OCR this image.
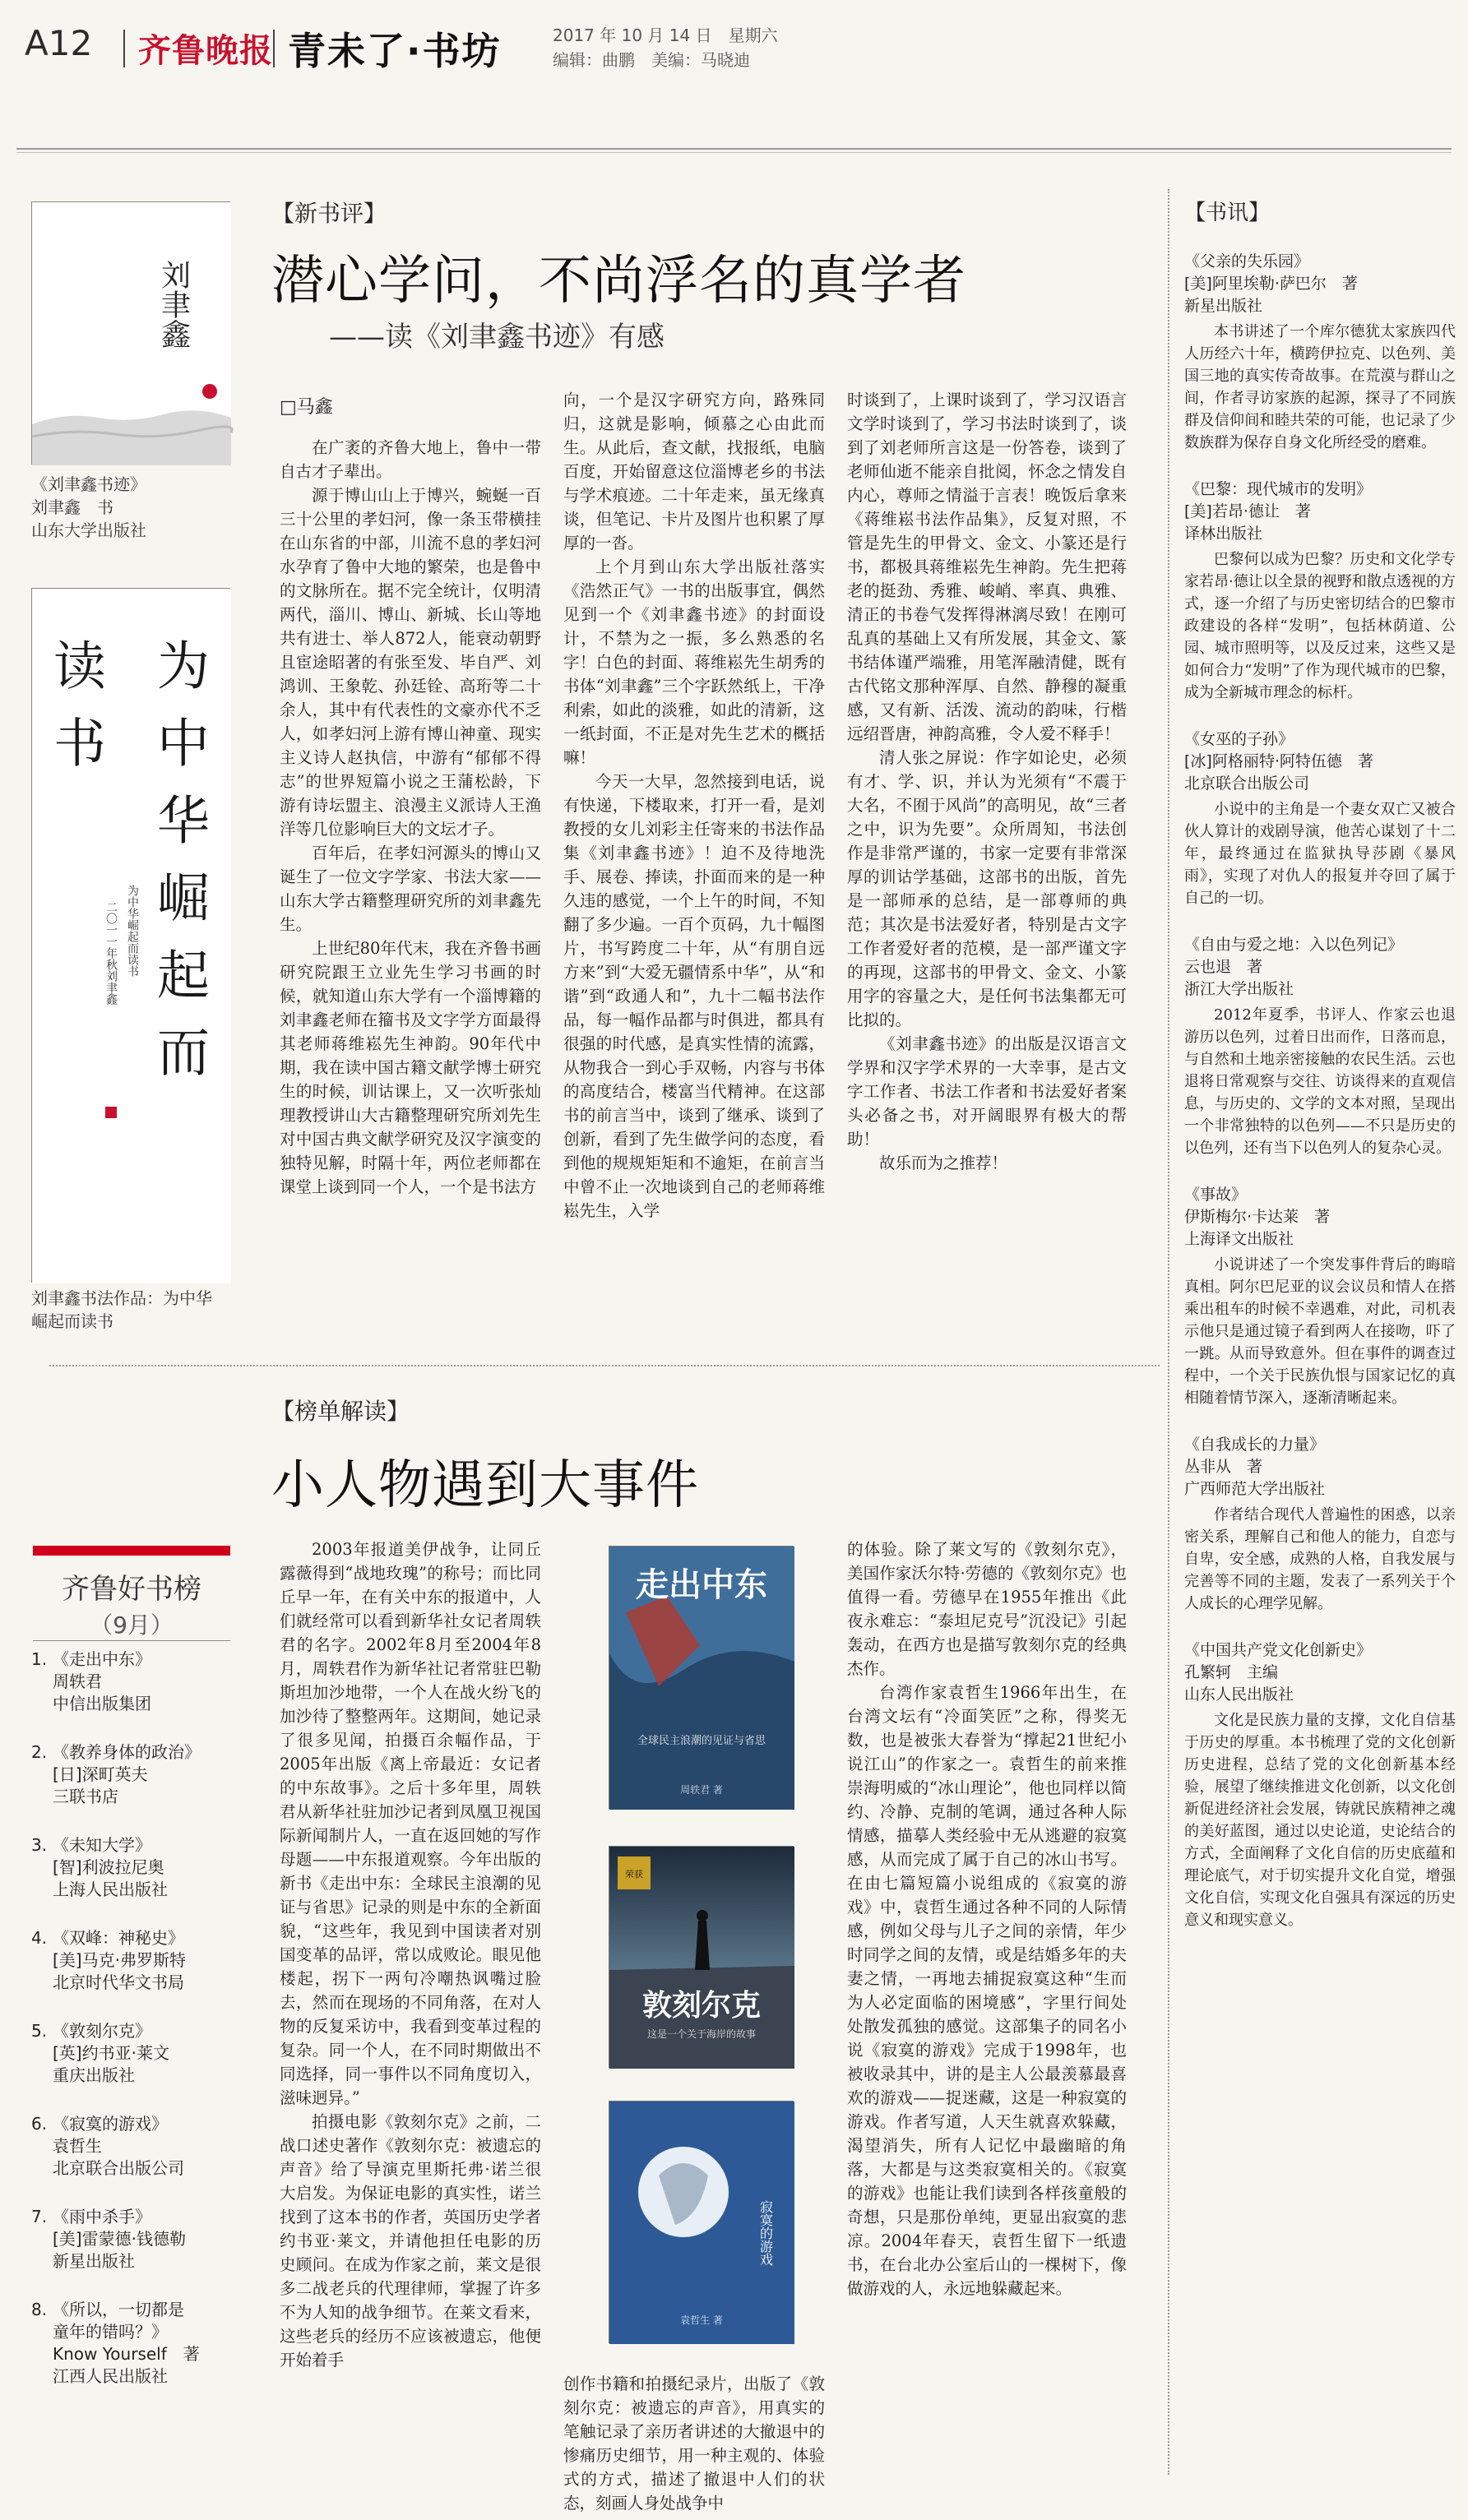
A12 齐鲁晚报 青未了·书坊	2017 年 10 月 14 日　星期六
编辑：曲鹏　美编：马晓迪
刘聿鑫
《刘聿鑫书迹》
刘聿鑫　书
山东大学出版社
为中华崛起而
读书
为中华崛起而读书
二〇一一年秋刘聿鑫
刘聿鑫书法作品：为中华
崛起而读书
【新书评】
潜心学问，不尚浮名的真学者
——读《刘聿鑫书迹》有感
□马鑫

在广袤的齐鲁大地上，鲁中一带自古才子辈出。

源于博山山上于博兴，蜿蜒一百三十公里的孝妇河，像一条玉带横挂在山东省的中部，川流不息的孝妇河水孕育了鲁中大地的繁荣，也是鲁中的文脉所在。据不完全统计，仅明清两代，淄川、博山、新城、长山等地共有进士、举人872人，能衰动朝野且宦途昭著的有张至发、毕自严、刘鸿训、王象乾、孙廷铨、高珩等二十余人，其中有代表性的文豪亦代不乏人，如孝妇河上游有博山神童、现实主义诗人赵执信，中游有“郁郁不得志”的世界短篇小说之王蒲松龄，下游有诗坛盟主、浪漫主义派诗人王渔洋等几位影响巨大的文坛才子。

百年后，在孝妇河源头的博山又诞生了一位文字学家、书法大家——山东大学古籍整理研究所的刘聿鑫先生。

上世纪80年代末，我在齐鲁书画研究院跟王立业先生学习书画的时候，就知道山东大学有一个淄博籍的刘聿鑫老师在籀书及文字学方面最得其老师蒋维崧先生神韵。90年代中期，我在读中国古籍文献学博士研究生的时候，训诂课上，又一次听张灿理教授讲山大古籍整理研究所刘先生对中国古典文献学研究及汉字演变的独特见解，时隔十年，两位老师都在课堂上谈到同一个人，一个是书法方

向，一个是汉字研究方向，路殊同归，这就是影响，倾慕之心由此而生。从此后，查文献，找报纸，电脑百度，开始留意这位淄博老乡的书法与学术痕迹。二十年走来，虽无缘真谈，但笔记、卡片及图片也积累了厚厚的一沓。

上个月到山东大学出版社落实《浩然正气》一书的出版事宜，偶然见到一个《刘聿鑫书迹》的封面设计，不禁为之一振，多么熟悉的名字！白色的封面、蒋维崧先生胡秀的书体“刘聿鑫”三个字跃然纸上，干净利索，如此的淡雅，如此的清新，这一纸封面，不正是对先生艺术的概括嘛！

今天一大早，忽然接到电话，说有快递，下楼取来，打开一看，是刘教授的女儿刘彩主任寄来的书法作品集《刘聿鑫书迹》！迫不及待地洗手、展卷、捧读，扑面而来的是一种久违的感觉，一个上午的时间，不知翻了多少遍。一百个页码，九十幅图片，书写跨度二十年，从“有朋自远方来”到“大爱无疆情系中华”，从“和谐”到“政通人和”，九十二幅书法作品，每一幅作品都与时俱进，都具有很强的时代感，是真实性情的流露，从物我合一到心手双畅，内容与书体的高度结合，楼富当代精神。在这部书的前言当中，谈到了继承、谈到了创新，看到了先生做学问的态度，看到他的规规矩矩和不逾矩，在前言当中曾不止一次地谈到自己的老师蒋维崧先生，入学

时谈到了，上课时谈到了，学习汉语言文学时谈到了，学习书法时谈到了，谈到了刘老师所言这是一份答卷，谈到了老师仙逝不能亲自批阅，怀念之情发自内心，尊师之情溢于言表！晚饭后拿来《蒋维崧书法作品集》，反复对照，不管是先生的甲骨文、金文、小篆还是行书，都极具蒋维崧先生神韵。先生把蒋老的挺劲、秀雅、峻峭、率真、典雅、清正的书卷气发挥得淋漓尽致！在刚可乱真的基础上又有所发展，其金文、篆书结体谨严端雅，用笔浑融清健，既有古代铭文那种浑厚、自然、静穆的凝重感，又有新、活泼、流动的韵味，行楷远绍晋唐，神韵高雅，令人爱不释手！

清人张之屏说：作字如论史，必须有才、学、识，并认为光须有“不震于大名，不囿于风尚”的高明见，故“三者之中，识为先要”。众所周知，书法创作是非常严谨的，书家一定要有非常深厚的训诂学基础，这部书的出版，首先是一部师承的总结，是一部尊师的典范；其次是书法爱好者，特别是古文字工作者爱好者的范模，是一部严谨文字的再现，这部书的甲骨文、金文、小篆用字的容量之大，是任何书法集都无可比拟的。

《刘聿鑫书迹》的出版是汉语言文学界和汉字学术界的一大幸事，是古文字工作者、书法工作者和书法爱好者案头必备之书，对开阔眼界有极大的帮助！

故乐而为之推荐！

【榜单解读】
小人物遇到大事件

2003年报道美伊战争，让同丘露薇得到“战地玫瑰”的称号；而比同丘早一年，在有关中东的报道中，人们就经常可以看到新华社女记者周轶君的名字。2002年8月至2004年8月，周轶君作为新华社记者常驻巴勒斯坦加沙地带，一个人在战火纷飞的加沙待了整整两年。这期间，她记录了很多见闻，拍摄百余幅作品，于2005年出版《离上帝最近：女记者的中东故事》。之后十多年里，周轶君从新华社驻加沙记者到凤凰卫视国际新闻制片人，一直在返回她的写作母题——中东报道观察。今年出版的新书《走出中东：全球民主浪潮的见证与省思》记录的则是中东的全新面貌，“这些年，我见到中国读者对别国变革的品评，常以成败论。眼见他楼起，拐下一两句冷嘲热讽嘴过脸去，然而在现场的不同角落，在对人物的反复采访中，我看到变革过程的复杂。同一个人，在不同时期做出不同选择，同一事件以不同角度切入，滋味迥异。”

拍摄电影《敦刻尔克》之前，二战口述史著作《敦刻尔克：被遗忘的声音》给了导演克里斯托弗·诺兰很大启发。为保证电影的真实性，诺兰找到了这本书的作者，英国历史学者约书亚·莱文，并请他担任电影的历史顾问。在成为作家之前，莱文是很多二战老兵的代理律师，掌握了许多不为人知的战争细节。在莱文看来，这些老兵的经历不应该被遗忘，他便开始着手

走出中东
全球民主浪潮的见证与省思
周轶君 著
荣获
敦刻尔克
这是一个关于海岸的故事
寂寞的游戏
袁哲生 著

创作书籍和拍摄纪录片，出版了《敦刻尔克：被遗忘的声音》，用真实的笔触记录了亲历者讲述的大撤退中的惨痛历史细节，用一种主观的、体验式的方式，描述了撤退中人们的状态，刻画人身处战争中

的体验。除了莱文写的《敦刻尔克》，美国作家沃尔特·劳德的《敦刻尔克》也值得一看。劳德早在1955年推出《此夜永难忘：“泰坦尼克号”沉没记》引起轰动，在西方也是描写敦刻尔克的经典杰作。

台湾作家袁哲生1966年出生，在台湾文坛有“冷面笑匠”之称，得奖无数，也是被张大春誉为“撑起21世纪小说江山”的作家之一。袁哲生的前来推崇海明威的“冰山理论”，他也同样以简约、冷静、克制的笔调，通过各种人际情感，描摹人类经验中无从逃避的寂寞感，从而完成了属于自己的冰山书写。在由七篇短篇小说组成的《寂寞的游戏》中，袁哲生通过各种不同的人际情感，例如父母与儿子之间的亲情，年少时同学之间的友情，或是结婚多年的夫妻之情，一再地去捕捉寂寞这种“生而为人必定面临的困境感”，字里行间处处散发孤独的感觉。这部集子的同名小说《寂寞的游戏》完成于1998年，也被收录其中，讲的是主人公最羡慕最喜欢的游戏——捉迷藏，这是一种寂寞的游戏。作者写道，人天生就喜欢躲藏，渴望消失，所有人记忆中最幽暗的角落，大都是与这类寂寞相关的。《寂寞的游戏》也能让我们读到各样孩童般的奇想，只是那份单纯，更显出寂寞的悲凉。2004年春天，袁哲生留下一纸遗书，在台北办公室后山的一棵树下，像做游戏的人，永远地躲藏起来。

齐鲁好书榜
（9月）
1. 《走出中东》
周轶君
中信出版集团
2. 《教养身体的政治》
[日]深町英夫
三联书店
3. 《未知大学》
[智]利波拉尼奥
上海人民出版社
4. 《双峰：神秘史》
[美]马克·弗罗斯特
北京时代华文书局
5. 《敦刻尔克》
[英]约书亚·莱文
重庆出版社
6. 《寂寞的游戏》
袁哲生
北京联合出版公司
7. 《雨中杀手》
[美]雷蒙德·钱德勒
新星出版社
8. 《所以，一切都是
童年的错吗？》
Know Yourself　著
江西人民出版社
【书讯】
《父亲的失乐园》
[美]阿里埃勒·萨巴尔　著
新星出版社
本书讲述了一个库尔德犹太家族四代人历经六十年，横跨伊拉克、以色列、美国三地的真实传奇故事。在荒漠与群山之间，作者寻访家族的起源，探寻了不同族群及信仰间和睦共荣的可能，也记录了少数族群为保存自身文化所经受的磨难。
《巴黎：现代城市的发明》
[美]若昂·德让　著
译林出版社
巴黎何以成为巴黎？历史和文化学专家若昂·德让以全景的视野和散点透视的方式，逐一介绍了与历史密切结合的巴黎市政建设的各样“发明”，包括林荫道、公园、城市照明等，以及反过来，这些又是如何合力“发明”了作为现代城市的巴黎，成为全新城市理念的标杆。
《女巫的子孙》
[冰]阿格丽特·阿特伍德　著
北京联合出版公司
小说中的主角是一个妻女双亡又被合伙人算计的戏剧导演，他苦心谋划了十二年，最终通过在监狱执导莎剧《暴风雨》，实现了对仇人的报复并夺回了属于自己的一切。
《自由与爱之地：入以色列记》
云也退　著
浙江大学出版社
2012年夏季，书评人、作家云也退游历以色列，过着日出而作，日落而息，与自然和土地亲密接触的农民生活。云也退将日常观察与交往、访谈得来的直观信息，与历史的、文学的文本对照，呈现出一个非常独特的以色列——不只是历史的以色列，还有当下以色列人的复杂心灵。
《事故》
伊斯梅尔·卡达莱　著
上海译文出版社
小说讲述了一个突发事件背后的晦暗真相。阿尔巴尼亚的议会议员和情人在搭乘出租车的时候不幸遇难，对此，司机表示他只是通过镜子看到两人在接吻，吓了一跳。从而导致意外。但在事件的调查过程中，一个关于民族仇恨与国家记忆的真相随着情节深入，逐渐清晰起来。
《自我成长的力量》
丛非从　著
广西师范大学出版社
作者结合现代人普遍性的困惑，以亲密关系，理解自己和他人的能力，自恋与自卑，安全感，成熟的人格，自我发展与完善等不同的主题，发表了一系列关于个人成长的心理学见解。
《中国共产党文化创新史》
孔繁轲　主编
山东人民出版社
文化是民族力量的支撑，文化自信基于历史的厚重。本书梳理了党的文化创新历史进程，总结了党的文化创新基本经验，展望了继续推进文化创新，以文化创新促进经济社会发展，铸就民族精神之魂的美好蓝图，通过以史论道，史论结合的方式，全面阐释了文化自信的历史底蕴和理论底气，对于切实提升文化自觉，增强文化自信，实现文化自强具有深远的历史意义和现实意义。
